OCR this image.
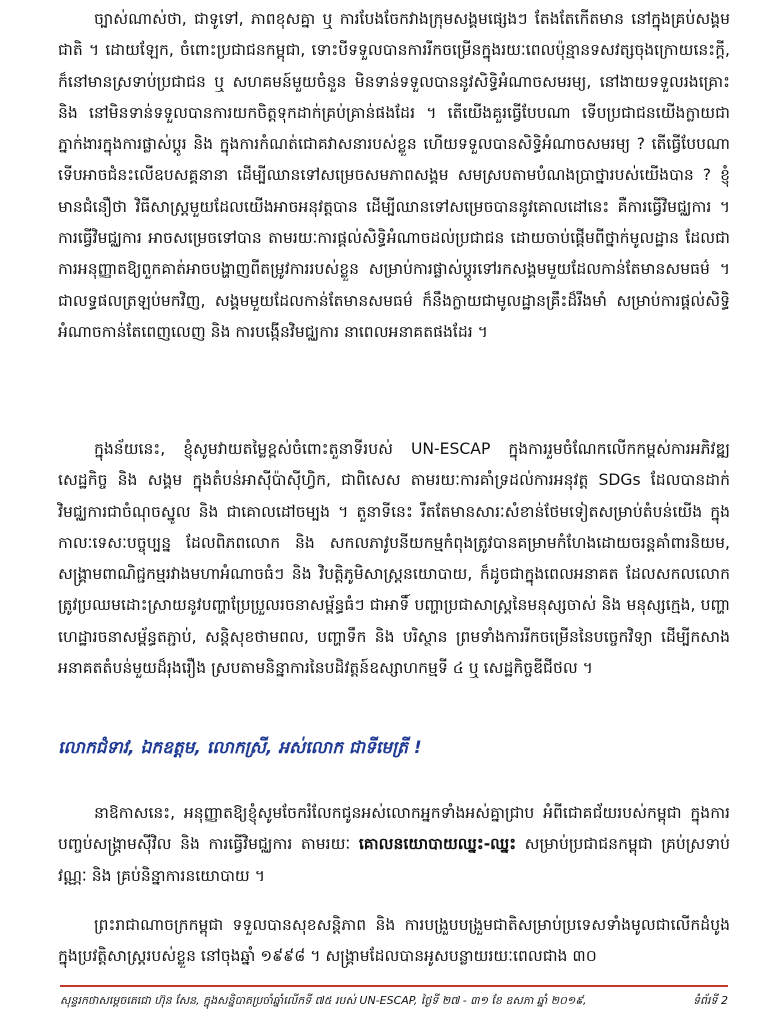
ច្បាស់ណាស់ថា, ជាទូទៅ, ភាពខុសគ្នា ឬ ការបែងចែកវាងក្រុមសង្គមផ្សេងៗ តែងតែកើតមាន នៅក្នុងគ្រប់សង្គមជាតិ ។ ដោយឡែក, ចំពោះប្រជាជនកម្ពុជា, ទោះបីទទួលបានការរីកចម្រើនក្នុងរយៈពេលប៉ុន្មានទសវត្សចុងក្រោយនេះក្តី, ក៏នៅមានស្រទាប់ប្រជាជន ឬ សហគមន៍មួយចំនួន មិនទាន់ទទួលបាននូវសិទ្ធិអំណាចសមរម្យ, នៅងាយទទួលរងគ្រោះ និង នៅមិនទាន់ទទួលបានការយកចិត្តទុកដាក់គ្រប់គ្រាន់ផងដែរ ។ តើយើងគួរធ្វើបែបណា ទើបប្រជាជនយើងក្លាយជាភ្នាក់ងារក្នុងការផ្លាស់ប្តូរ និង ក្នុងការកំណត់ជោគវាសនារបស់ខ្លួន ហើយទទួលបានសិទ្ធិអំណាចសមរម្យ ? តើធ្វើបែបណាទើបអាចជំនះលើឧបសគ្គនានា ដើម្បីឈានទៅសម្រេចសមភាពសង្គម សមស្របតាមបំណងប្រាថ្នារបស់យើងបាន ? ខ្ញុំមានជំនឿថា វិធីសាស្ត្រមួយដែលយើងអាចអនុវត្តបាន ដើម្បីឈានទៅសម្រេចបាននូវគោលដៅនេះ គឺការធ្វើវិមជ្ឈការ ។ ការធ្វើវិមជ្ឈការ អាចសម្រេចទៅបាន តាមរយៈការផ្តល់សិទ្ធិអំណាចដល់ប្រជាជន ដោយចាប់ផ្តើមពីថ្នាក់មូលដ្ឋាន ដែលជាការអនុញ្ញាតឱ្យពួកគាត់អាចបង្ហាញពីតម្រូវការរបស់ខ្លួន សម្រាប់ការផ្លាស់ប្តូរទៅរកសង្គមមួយដែលកាន់តែមានសមធម៌ ។ ជាលទ្ធផលត្រឡប់មកវិញ, សង្គមមួយដែលកាន់តែមានសមធម៌ ក៏នឹងក្លាយជាមូលដ្ឋានគ្រឹះដ៏រឹងមាំ សម្រាប់ការផ្តល់សិទ្ធិអំណាចកាន់តែពេញលេញ និង ការបង្កើនវិមជ្ឈការ នាពេលអនាគតផងដែរ ។

ក្នុងន័យនេះ, ខ្ញុំសូមវាយតម្លៃខ្ពស់ចំពោះតួនាទីរបស់ UN-ESCAP ក្នុងការរួមចំណែកលើកកម្ពស់ការអភិវឌ្ឍសេដ្ឋកិច្ច និង សង្គម ក្នុងតំបន់អាស៊ីប៉ាស៊ីហ្វិក, ជាពិសេស តាមរយៈការគាំទ្រដល់ការអនុវត្ត SDGs ដែលបានដាក់វិមជ្ឈការជាចំណុចស្នូល និង ជាគោលដៅចម្បង ។ តួនាទីនេះ រឹតតែមានសារៈសំខាន់ថែមទៀតសម្រាប់តំបន់យើង ក្នុងកាលៈទេសៈបច្ចុប្បន្ន ដែលពិភពលោក និង សកលភាវូបនីយកម្មកំពុងត្រូវបានគម្រាមកំហែងដោយចរន្តគាំពារនិយម, សង្គ្រាមពាណិជ្ជកម្មរវាងមហាអំណាចធំៗ និង វិបត្តិភូមិសាស្ត្រនយោបាយ, ក៏ដូចជាក្នុងពេលអនាគត ដែលសកលលោកត្រូវប្រឈមដោះស្រាយនូវបញ្ហាប្រែប្រួលរចនាសម្ព័ន្ធធំៗ ជាអាទិ៍ បញ្ហាប្រជាសាស្ត្រនៃមនុស្សចាស់ និង មនុស្សក្មេង, បញ្ហាហេដ្ឋារចនាសម្ព័ន្ធតភ្ជាប់, សន្តិសុខថាមពល, បញ្ហាទឹក និង បរិស្ថាន ព្រមទាំងការរីកចម្រើននៃបច្ចេកវិទ្យា ដើម្បីកសាងអនាគតតំបន់មួយដ៏រុងរឿង ស្របតាមនិន្នាការនៃបដិវត្តន៍ឧស្សាហកម្មទី ៤ ឬ សេដ្ឋកិច្ចឌីជីថល ។

លោកជំទាវ, ឯកឧត្តម, លោកស្រី, អស់លោក ជាទីមេត្រី !

នាឱកាសនេះ, អនុញ្ញាតឱ្យខ្ញុំសូមចែករំលែកជូនអស់លោកអ្នកទាំងអស់គ្នាជ្រាប អំពីជោគជ័យរបស់កម្ពុជា ក្នុងការបញ្ចប់សង្គ្រាមស៊ីវិល និង ការធ្វើវិមជ្ឈការ តាមរយៈ គោលនយោបាយឈ្នះ-ឈ្នះ សម្រាប់ប្រជាជនកម្ពុជា គ្រប់ស្រទាប់វណ្ណៈ និង គ្រប់និន្នាការនយោបាយ ។

ព្រះរាជាណាចក្រកម្ពុជា ទទួលបានសុខសន្តិភាព និង ការបង្រួបបង្រួមជាតិសម្រាប់ប្រទេសទាំងមូលជាលើកដំបូងក្នុងប្រវត្តិសាស្ត្ររបស់ខ្លួន នៅចុងឆ្នាំ ១៩៩៨ ។ សង្គ្រាមដែលបានអូសបន្លាយរយៈពេលជាង ៣០

សុន្ទរកថាសម្តេចតេជោ ហ៊ុន សែន, ក្នុងសន្និបាតប្រចាំឆ្នាំលើកទី ៧៥ របស់ UN-ESCAP, ថ្ងៃទី ២៧ - ៣១ ខែ ឧសភា ឆ្នាំ ២០១៩,	ទំព័រទី 2
